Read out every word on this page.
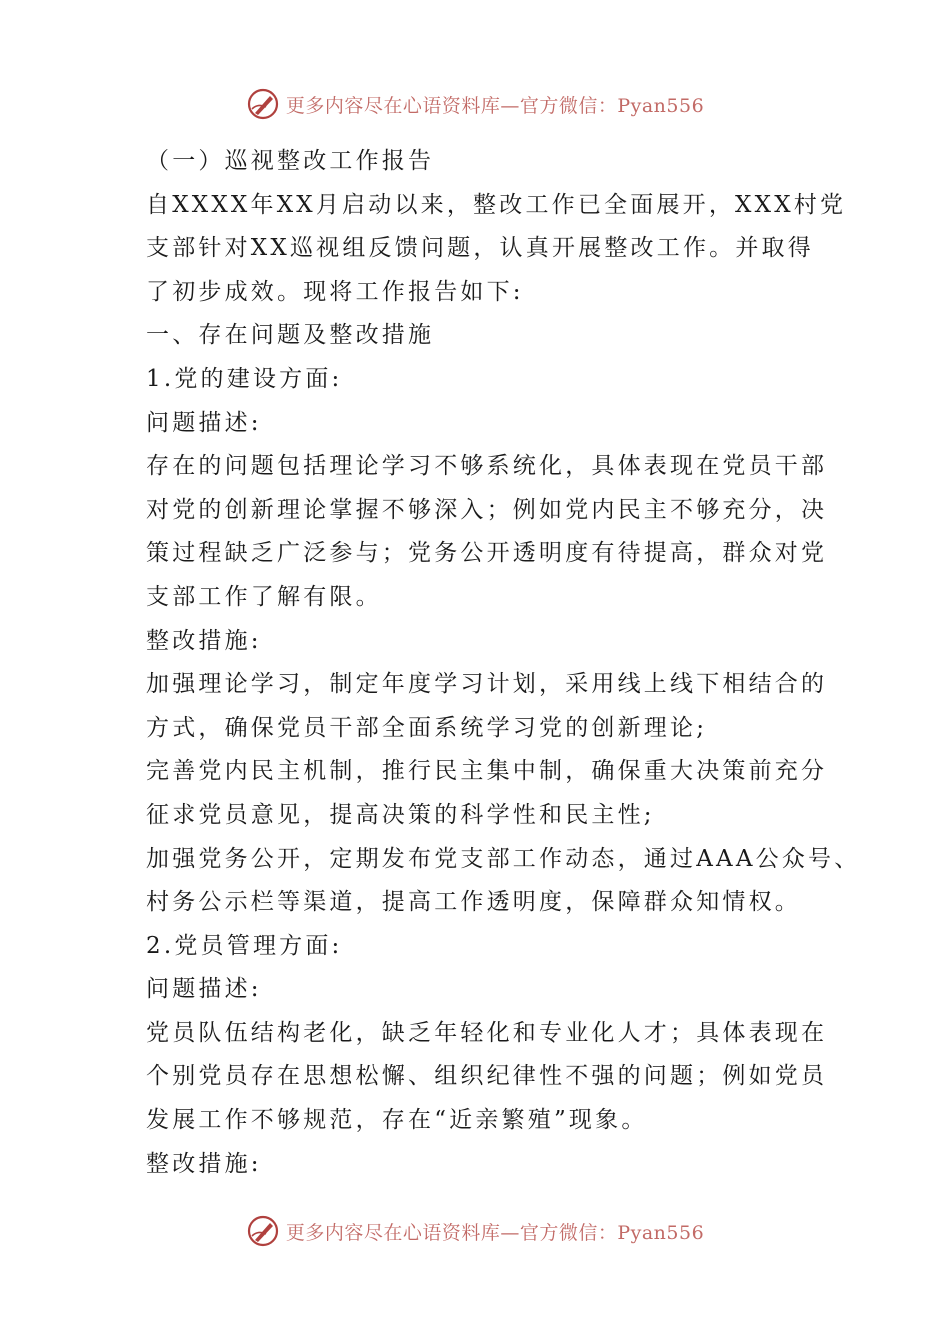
更多内容尽在心语资料库—官方微信：Pyan556
（一）巡视整改工作报告
自XXXX年XX月启动以来，整改工作已全面展开，XXX村党
支部针对XX巡视组反馈问题，认真开展整改工作。并取得
了初步成效。现将工作报告如下:
一、存在问题及整改措施
1.党的建设方面:
问题描述:
存在的问题包括理论学习不够系统化，具体表现在党员干部
对党的创新理论掌握不够深入；例如党内民主不够充分，决
策过程缺乏广泛参与；党务公开透明度有待提高，群众对党
支部工作了解有限。
整改措施:
加强理论学习，制定年度学习计划，采用线上线下相结合的
方式，确保党员干部全面系统学习党的创新理论;
完善党内民主机制，推行民主集中制，确保重大决策前充分
征求党员意见，提高决策的科学性和民主性;
加强党务公开，定期发布党支部工作动态，通过AAA公众号、
村务公示栏等渠道，提高工作透明度，保障群众知情权。
2.党员管理方面:
问题描述:
党员队伍结构老化，缺乏年轻化和专业化人才；具体表现在
个别党员存在思想松懈、组织纪律性不强的问题；例如党员
发展工作不够规范，存在“近亲繁殖”现象。
整改措施:
更多内容尽在心语资料库—官方微信：Pyan556
